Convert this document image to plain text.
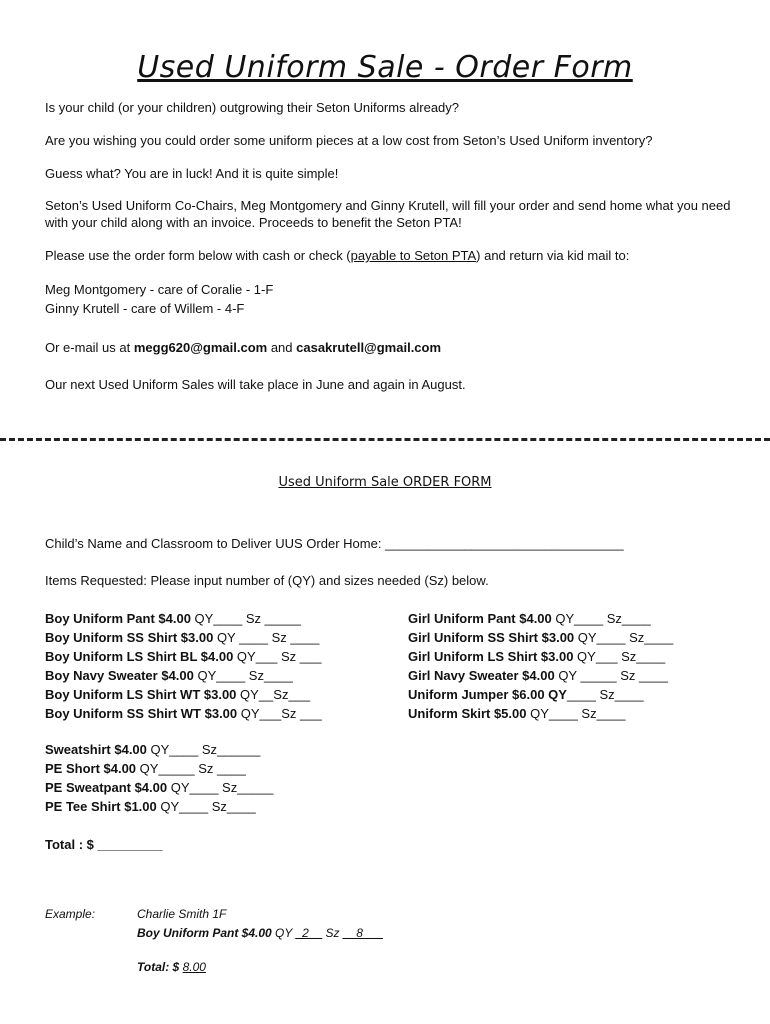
Used Uniform Sale - Order Form
Is your child (or your children) outgrowing their Seton Uniforms already?
Are you wishing you could order some uniform pieces at a low cost from Seton’s Used Uniform inventory?
Guess what? You are in luck! And it is quite simple!
Seton’s Used Uniform Co-Chairs, Meg Montgomery and Ginny Krutell, will fill your order and send home what you need with your child along with an invoice. Proceeds to benefit the Seton PTA!
Please use the order form below with cash or check (payable to Seton PTA) and return via kid mail to:
Meg Montgomery - care of Coralie - 1-F
Ginny Krutell - care of Willem - 4-F
Or e-mail us at megg620@gmail.com and casakrutell@gmail.com
Our next Used Uniform Sales will take place in June and again in August.
Used Uniform Sale ORDER FORM
Child’s Name and Classroom to Deliver UUS Order Home: _________________________________
Items Requested: Please input number of (QY) and sizes needed (Sz) below.
Boy Uniform Pant $4.00 QY____ Sz _____
Boy Uniform SS Shirt $3.00 QY ____ Sz ____
Boy Uniform LS Shirt BL $4.00 QY___ Sz ___
Boy Navy Sweater $4.00 QY____ Sz____
Boy Uniform LS Shirt WT $3.00 QY__Sz___
Boy Uniform SS Shirt WT $3.00 QY___Sz ___
Girl Uniform Pant $4.00 QY____ Sz____
Girl Uniform SS Shirt $3.00 QY____ Sz____
Girl Uniform LS Shirt $3.00 QY___ Sz____
Girl Navy Sweater $4.00 QY _____ Sz ____
Uniform Jumper $6.00 QY____ Sz____
Uniform Skirt $5.00 QY____ Sz____
Sweatshirt $4.00 QY____ Sz______
PE Short $4.00 QY_____ Sz ____
PE Sweatpant $4.00 QY____ Sz_____
PE Tee Shirt $1.00 QY____ Sz____
Total : $ _________
Example:	Charlie Smith 1F
Boy Uniform Pant $4.00 QY _2__ Sz __8___
Total: $ 8.00
